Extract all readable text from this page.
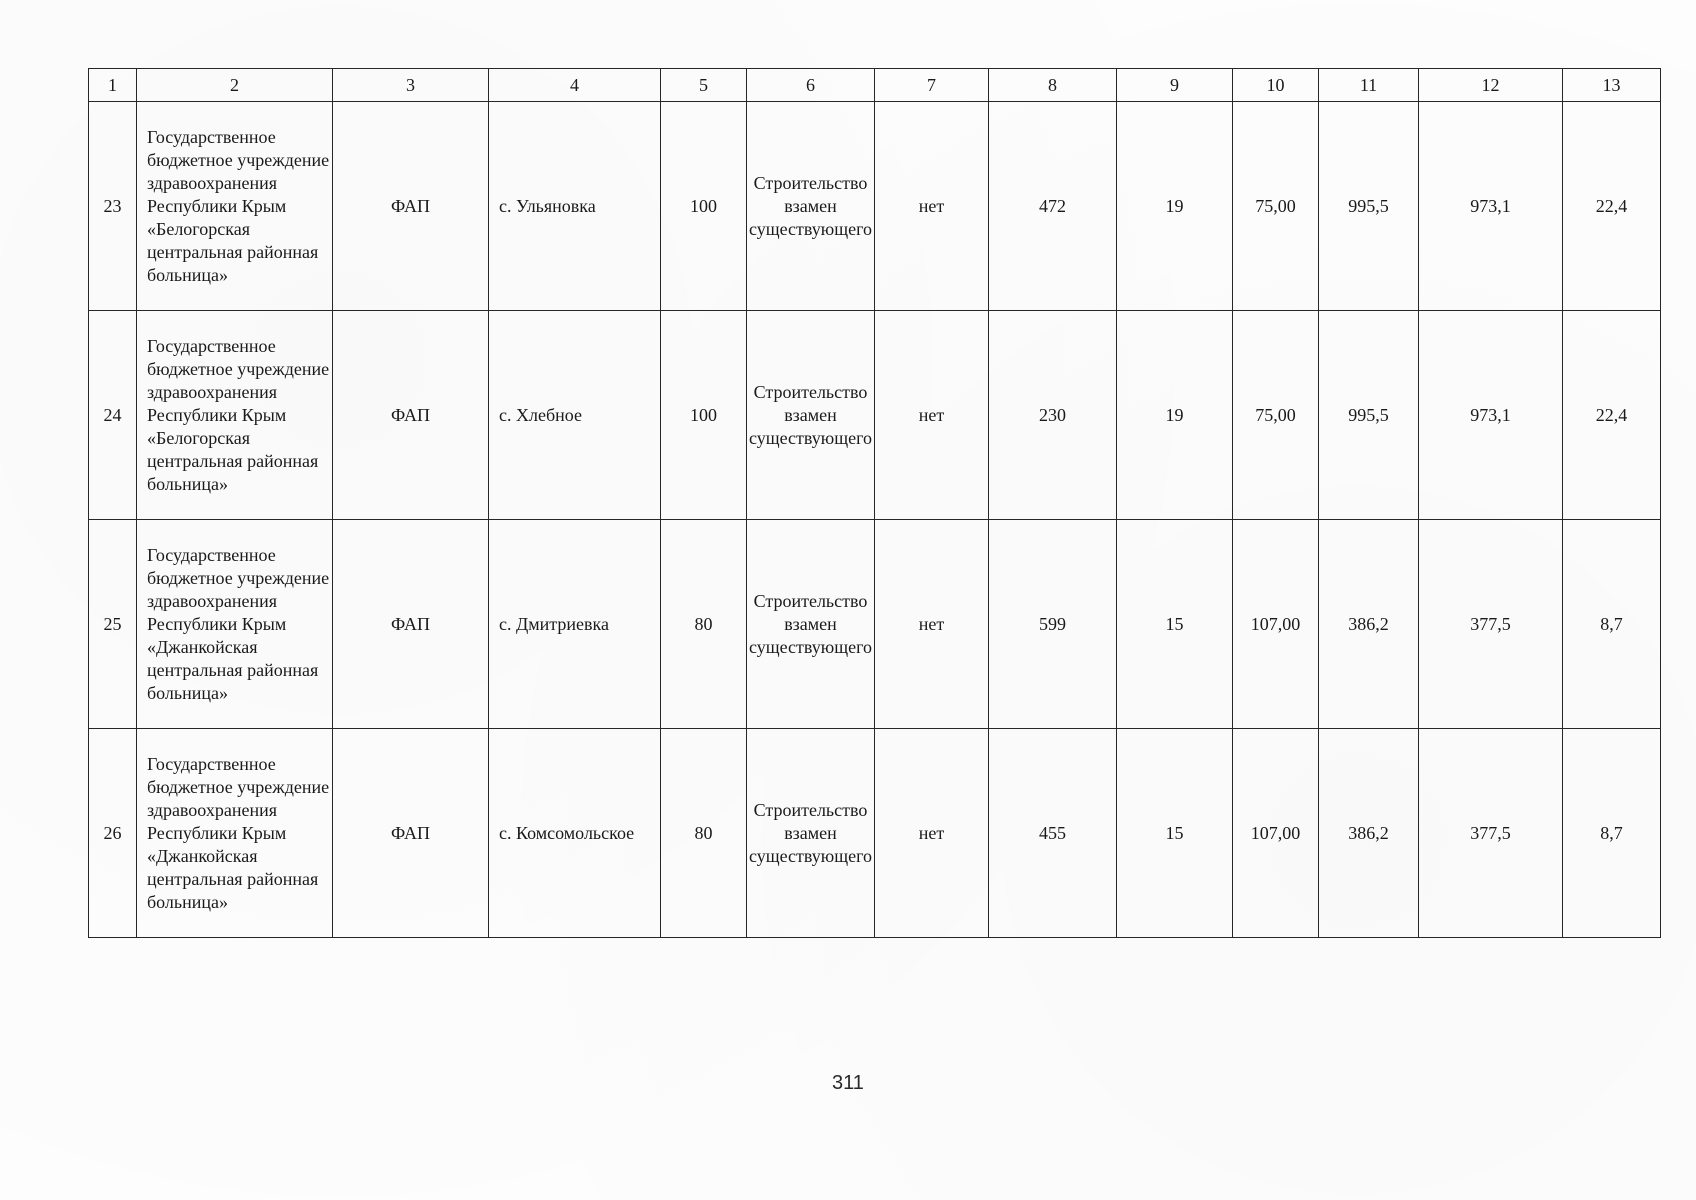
1	2	3	4	5	6	7	8	9	10	11	12	13
23	Государственное бюджетное учреждение здравоохранения Республики Крым «Белогорская центральная районная больница»	ФАП	с. Ульяновка	100	Строительство взамен существующего	нет	472	19	75,00	995,5	973,1	22,4
24	Государственное бюджетное учреждение здравоохранения Республики Крым «Белогорская центральная районная больница»	ФАП	с. Хлебное	100	Строительство взамен существующего	нет	230	19	75,00	995,5	973,1	22,4
25	Государственное бюджетное учреждение здравоохранения Республики Крым «Джанкойская центральная районная больница»	ФАП	с. Дмитриевка	80	Строительство взамен существующего	нет	599	15	107,00	386,2	377,5	8,7
26	Государственное бюджетное учреждение здравоохранения Республики Крым «Джанкойская центральная районная больница»	ФАП	с. Комсомольское	80	Строительство взамен существующего	нет	455	15	107,00	386,2	377,5	8,7
311
